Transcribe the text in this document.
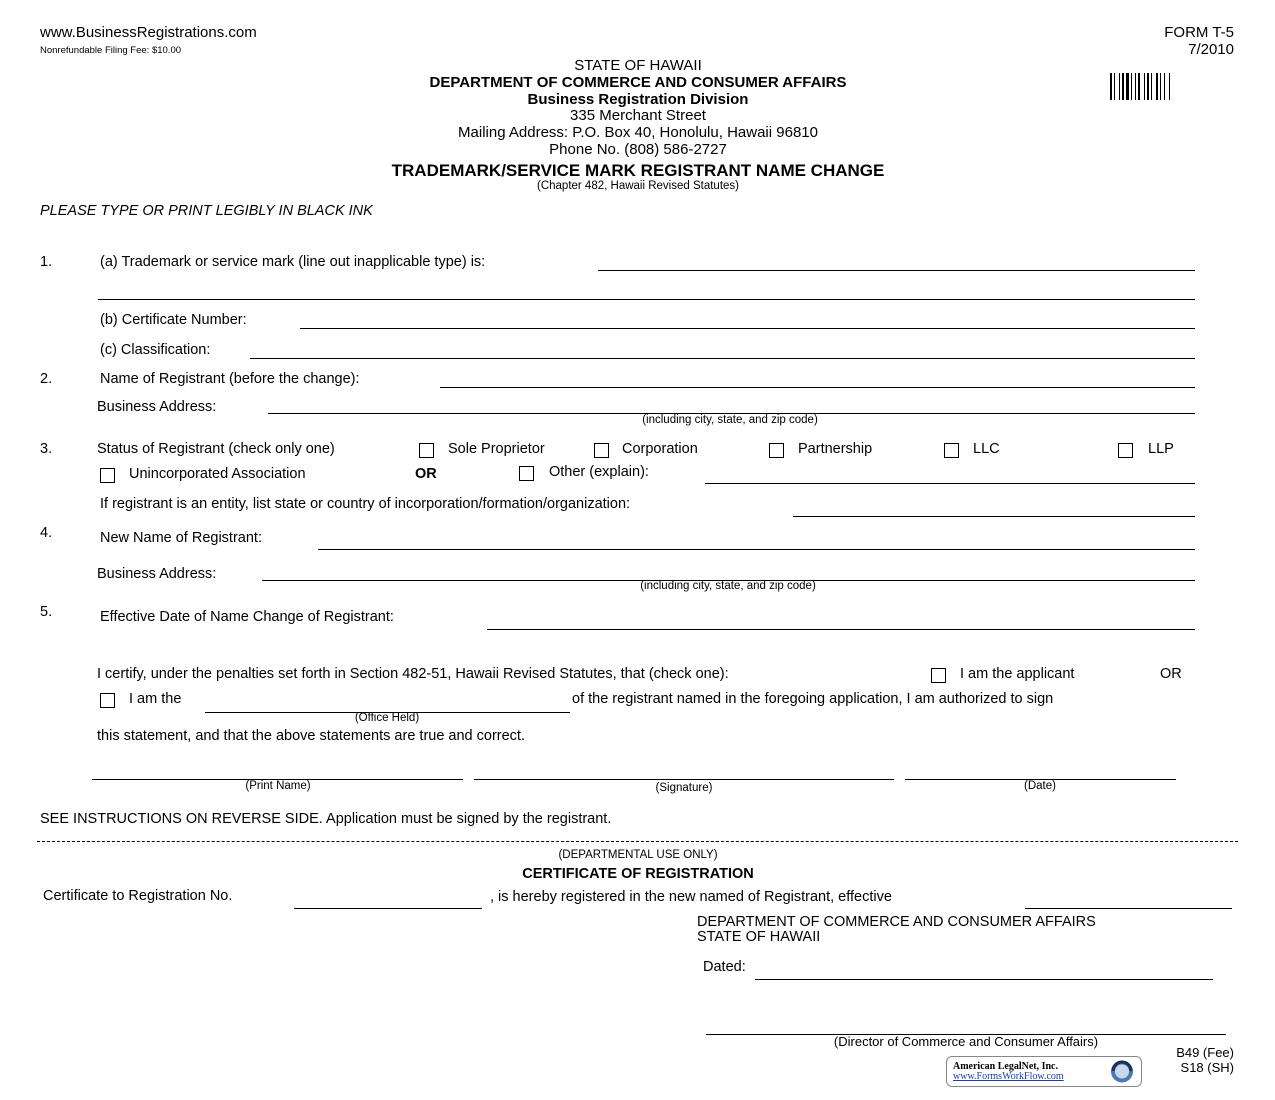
www.BusinessRegistrations.com
Nonrefundable Filing Fee: $10.00
FORM T-5
7/2010
STATE OF HAWAII
DEPARTMENT OF COMMERCE AND CONSUMER AFFAIRS
Business Registration Division
335 Merchant Street
Mailing Address: P.O. Box 40, Honolulu, Hawaii 96810
Phone No. (808) 586-2727
TRADEMARK/SERVICE MARK REGISTRANT NAME CHANGE
(Chapter 482, Hawaii Revised Statutes)
PLEASE TYPE OR PRINT LEGIBLY IN BLACK INK
1.	(a) Trademark or service mark (line out inapplicable type) is:
(b) Certificate Number:
(c) Classification:
2.	Name of Registrant (before the change):
Business Address:
(including city, state, and zip code)
3.	Status of Registrant (check only one)	Sole Proprietor	Corporation	Partnership	LLC	LLP
Unincorporated Association	OR	Other (explain):
If registrant is an entity, list state or country of incorporation/formation/organization:
4.	New Name of Registrant:
Business Address:
(including city, state, and zip code)
5.	Effective Date of Name Change of Registrant:
I certify, under the penalties set forth in Section 482-51, Hawaii Revised Statutes, that (check one):	I am the applicant	OR
I am the
(Office Held)
of the registrant named in the foregoing application, I am authorized to sign
this statement, and that the above statements are true and correct.
(Print Name)	(Signature)	(Date)
SEE INSTRUCTIONS ON REVERSE SIDE. Application must be signed by the registrant.
(DEPARTMENTAL USE ONLY)
CERTIFICATE OF REGISTRATION
Certificate to Registration No.	, is hereby registered in the new named of Registrant, effective
DEPARTMENT OF COMMERCE AND CONSUMER AFFAIRS
STATE OF HAWAII
Dated:
(Director of Commerce and Consumer Affairs)
B49 (Fee)
S18 (SH)
American LegalNet, Inc.
www.FormsWorkFlow.com
